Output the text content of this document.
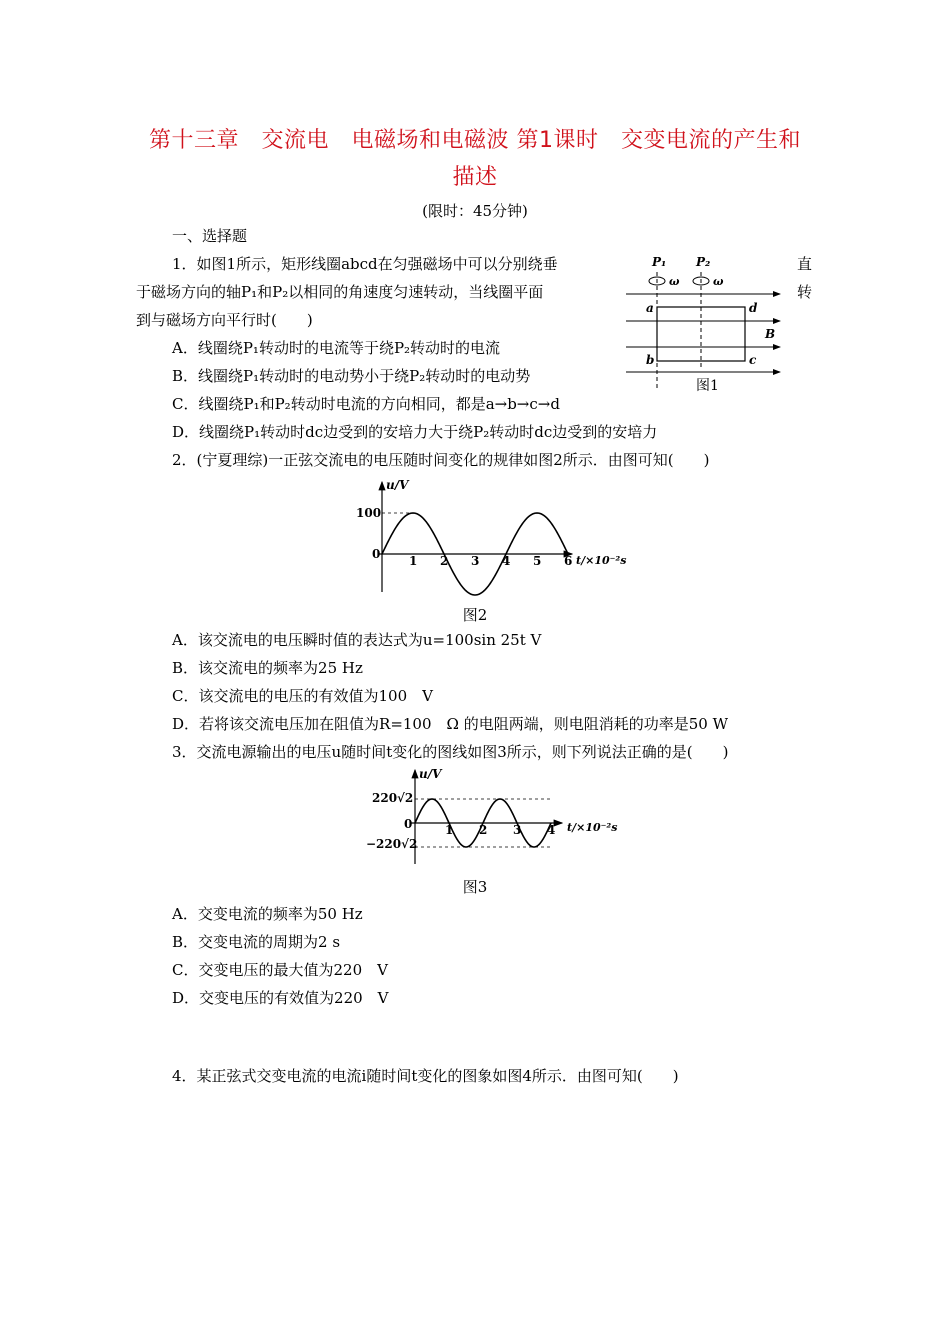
第十三章　交流电　电磁场和电磁波 第1课时　交变电流的产生和
描述
(限时：45分钟)
一、选择题
1．如图1所示，矩形线圈abcd在匀强磁场中可以分别绕垂	直
于磁场方向的轴P₁和P₂以相同的角速度匀速转动，当线圈平面	转
到与磁场方向平行时(　　)
A．线圈绕P₁转动时的电流等于绕P₂转动时的电流
B．线圈绕P₁转动时的电动势小于绕P₂转动时的电动势
C．线圈绕P₁和P₂转动时电流的方向相同，都是a→b→c→d
D．线圈绕P₁转动时dc边受到的安培力大于绕P₂转动时dc边受到的安培力
P₁ P₂
ω	ω
a	d
b	c
B
图1
2．(宁夏理综)一正弦交流电的电压随时间变化的规律如图2所示．由图可知(　　)
1 2 3 4 5 6
u/V
t/×10⁻²s
0
100
图2
A．该交流电的电压瞬时值的表达式为u=100sin 25t V
B．该交流电的频率为25 Hz
C．该交流电的电压的有效值为100　V
D．若将该交流电压加在阻值为R=100　Ω 的电阻两端，则电阻消耗的功率是50 W
3．交流电源输出的电压u随时间t变化的图线如图3所示，则下列说法正确的是(　　)
1 2 3 4
u/V
t/×10⁻²s
0
220√2
−220√2
图3
A．交变电流的频率为50 Hz
B．交变电流的周期为2 s
C．交变电压的最大值为220　V
D．交变电压的有效值为220　V
4．某正弦式交变电流的电流i随时间t变化的图象如图4所示．由图可知(　　)
